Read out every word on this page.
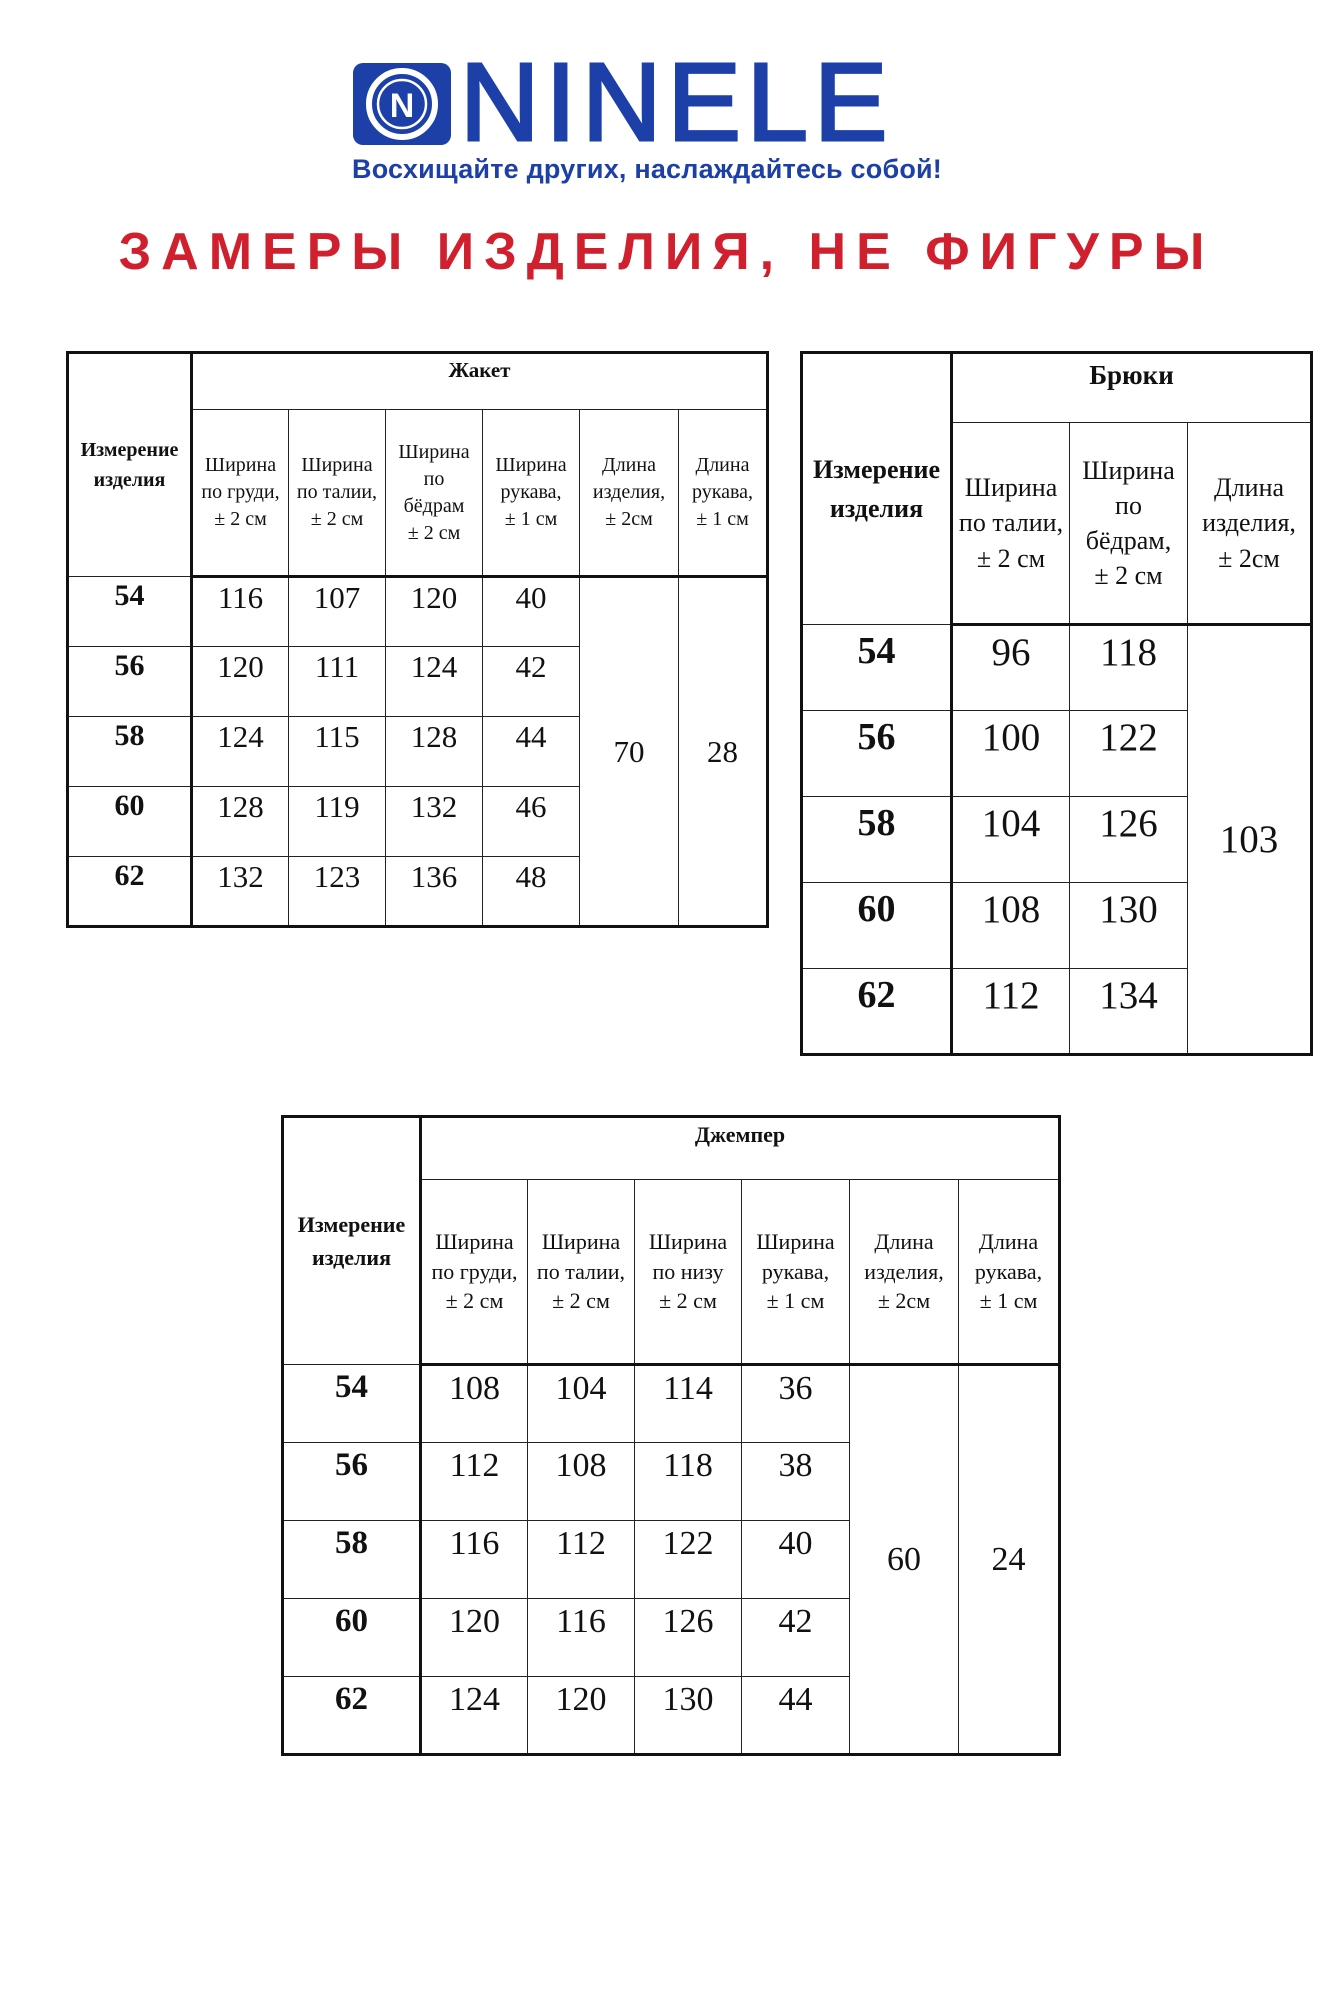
N NINELE
Восхищайте других, наслаждайтесь собой!
ЗАМЕРЫ ИЗДЕЛИЯ, НЕ ФИГУРЫ
Измерение
изделия	Жакет					
	Ширина
по груди,
± 2 см	Ширина
по талии,
± 2 см	Ширина
по
бёдрам
± 2 см	Ширина
рукава,
± 1 см	Длина
изделия,
± 2см	Длина
рукава,
± 1 см
54	116	107	120	40	70	28
56	120	111	124	42		
58	124	115	128	44		
60	128	119	132	46		
62	132	123	136	48		
Измерение
изделия	Брюки		
	Ширина
по талии,
± 2 см	Ширина
по
бёдрам,
± 2 см	Длина
изделия,
± 2см
54	96	118	103
56	100	122	
58	104	126	
60	108	130	
62	112	134	
Измерение
изделия	Джемпер					
	Ширина
по груди,
± 2 см	Ширина
по талии,
± 2 см	Ширина
по низу
± 2 см	Ширина
рукава,
± 1 см	Длина
изделия,
± 2см	Длина
рукава,
± 1 см
54	108	104	114	36	60	24
56	112	108	118	38		
58	116	112	122	40		
60	120	116	126	42		
62	124	120	130	44		
